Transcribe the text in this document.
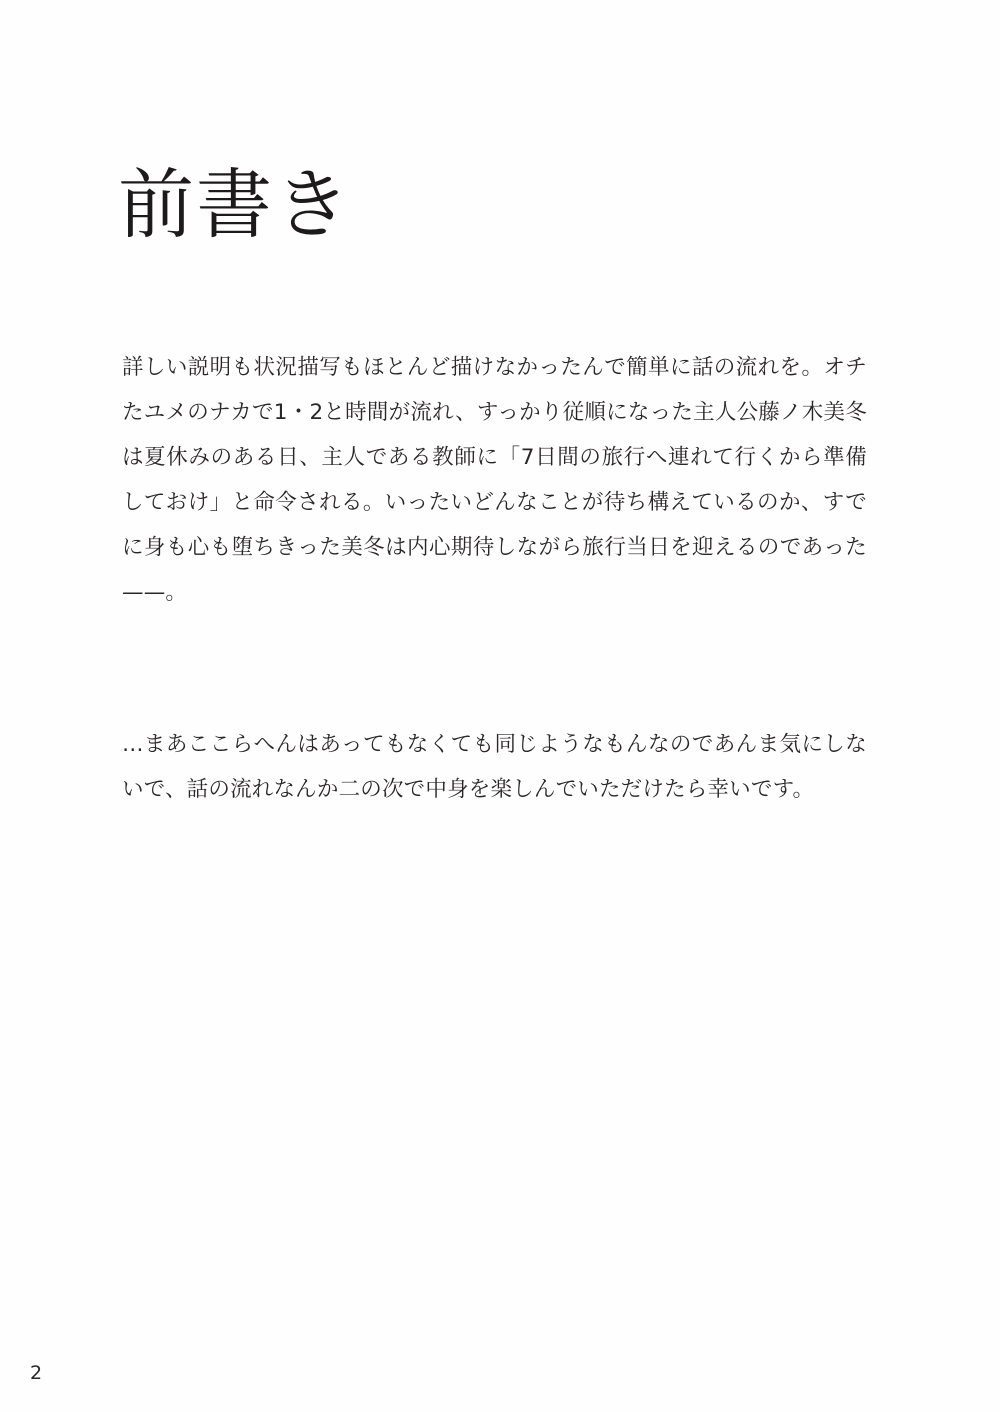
前書き

詳しい説明も状況描写もほとんど描けなかったんで簡単に話の流れを。オチたユメのナカで1・2と時間が流れ、すっかり従順になった主人公藤ノ木美冬は夏休みのある日、主人である教師に「7日間の旅行へ連れて行くから準備しておけ」と命令される。いったいどんなことが待ち構えているのか、すでに身も心も堕ちきった美冬は内心期待しながら旅行当日を迎えるのであった——。

…まあここらへんはあってもなくても同じようなもんなのであんま気にしないで、話の流れなんか二の次で中身を楽しんでいただけたら幸いです。

2
